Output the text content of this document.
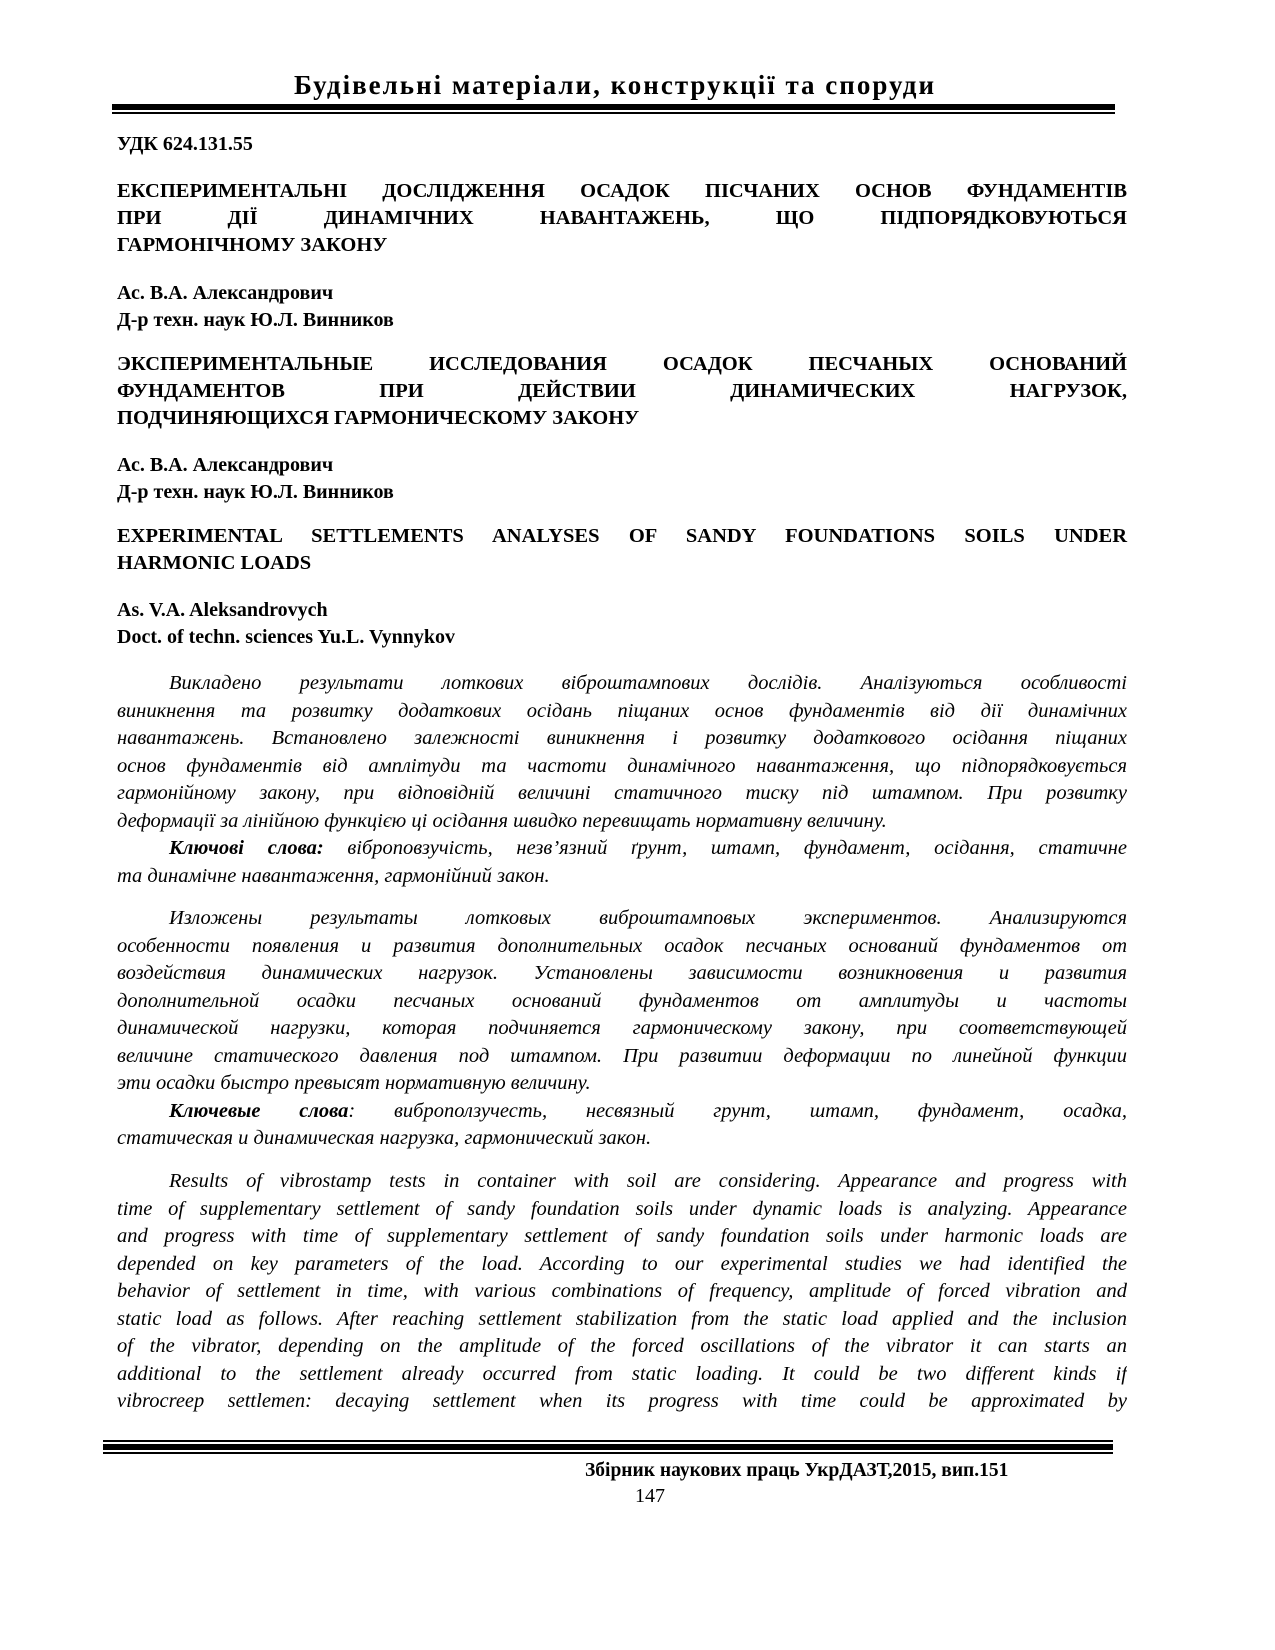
Будівельні матеріали, конструкції та споруди
УДК 624.131.55
ЕКСПЕРИМЕНТАЛЬНІ ДОСЛІДЖЕННЯ ОСАДОК ПІСЧАНИХ ОСНОВ ФУНДАМЕНТІВ
ПРИ ДІЇ ДИНАМІЧНИХ НАВАНТАЖЕНЬ, ЩО ПІДПОРЯДКОВУЮТЬСЯ
ГАРМОНІЧНОМУ ЗАКОНУ
Ас. В.А. Александрович
Д-р техн. наук Ю.Л. Винников
ЭКСПЕРИМЕНТАЛЬНЫЕ ИССЛЕДОВАНИЯ ОСАДОК ПЕСЧАНЫХ ОСНОВАНИЙ
ФУНДАМЕНТОВ ПРИ ДЕЙСТВИИ ДИНАМИЧЕСКИХ НАГРУЗОК,
ПОДЧИНЯЮЩИХСЯ ГАРМОНИЧЕСКОМУ ЗАКОНУ
Ас. В.А. Александрович
Д-р техн. наук Ю.Л. Винников
EXPERIMENTAL SETTLEMENTS ANALYSES OF SANDY FOUNDATIONS SOILS UNDER
HARMONIC LOADS
As. V.A. Aleksandrovych
Doct. of techn. sciences Yu.L. Vynnykov
Викладено результати лоткових віброштампових дослідів. Аналізуються особливості
виникнення та розвитку додаткових осідань піщаних основ фундаментів від дії динамічних
навантажень. Встановлено залежності виникнення і розвитку додаткового осідання піщаних
основ фундаментів від амплітуди та частоти динамічного навантаження, що підпорядковується
гармонійному закону, при відповідній величині статичного тиску під штампом. При розвитку
деформації за лінійною функцією ці осідання швидко перевищать нормативну величину.
Ключові слова: віброповзучість, незв’язний ґрунт, штамп, фундамент, осідання, статичне
та динамічне навантаження, гармонійний закон.
Изложены результаты лотковых виброштамповых экспериментов. Анализируются
особенности появления и развития дополнительных осадок песчаных оснований фундаментов от
воздействия динамических нагрузок. Установлены зависимости возникновения и развития
дополнительной осадки песчаных оснований фундаментов от амплитуды и частоты
динамической нагрузки, которая подчиняется гармоническому закону, при соответствующей
величине статического давления под штампом. При развитии деформации по линейной функции
эти осадки быстро превысят нормативную величину.
Ключевые слова: виброползучесть, несвязный грунт, штамп, фундамент, осадка,
статическая и динамическая нагрузка, гармонический закон.
Results of vibrostamp tests in container with soil are considering. Appearance and progress with
time of supplementary settlement of sandy foundation soils under dynamic loads is analyzing. Appearance
and progress with time of supplementary settlement of sandy foundation soils under harmonic loads are
depended on key parameters of the load. According to our experimental studies we had identified the
behavior of settlement in time, with various combinations of frequency, amplitude of forced vibration and
static load as follows. After reaching settlement stabilization from the static load applied and the inclusion
of the vibrator, depending on the amplitude of the forced oscillations of the vibrator it can starts an
additional to the settlement already occurred from static loading. It could be two different kinds if
vibrocreep settlemen: decaying settlement when its progress with time could be approximated by
Збірник наукових праць УкрДАЗТ,2015, вип.151
147
